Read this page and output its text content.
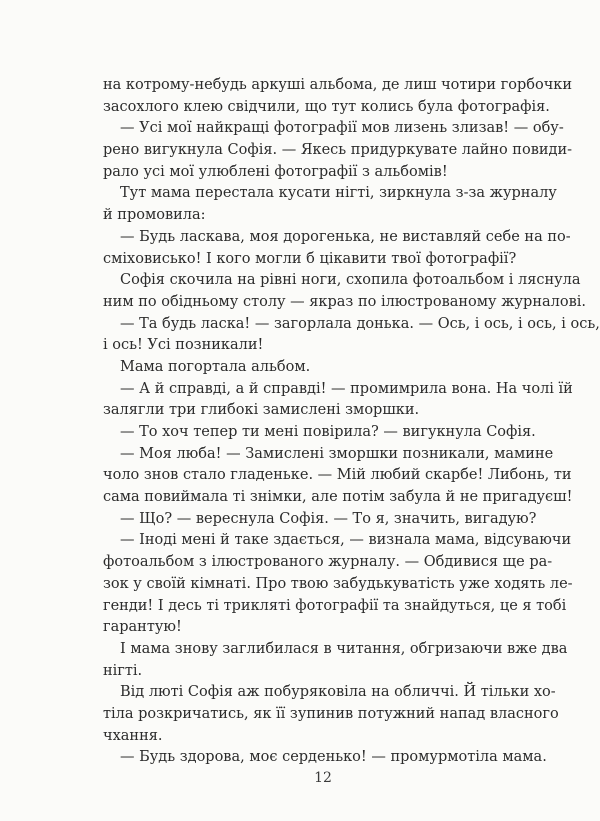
на котрому-небудь аркуші альбома, де лиш чотири горбочки
засохлого клею свідчили, що тут колись була фотографія.
— Усі мої найкращі фотографії мов лизень злизав! — обу-
рено вигукнула Софія. — Якесь придуркувате лайно повиди-
рало усі мої улюблені фотографії з альбомів!
Тут мама перестала кусати нігті, зиркнула з-за журналу
й промовила:
— Будь ласкава, моя дорогенька, не виставляй себе на по-
сміховисько! І кого могли б цікавити твої фотографії?
Софія скочила на рівні ноги, схопила фотоальбом і ляснула
ним по обідньому столу — якраз по ілюстрованому журналові.
— Та будь ласка! — загорлала донька. — Ось, і ось, і ось, і ось,
і ось! Усі позникали!
Мама погортала альбом.
— А й справді, а й справді! — промимрила вона. На чолі їй
залягли три глибокі замислені зморшки.
— То хоч тепер ти мені повірила? — вигукнула Софія.
— Моя люба! — Замислені зморшки позникали, мамине
чоло знов стало гладеньке. — Мій любий скарбе! Либонь, ти
сама повиймала ті знімки, але потім забула й не пригадуєш!
— Що? — вереснула Софія. — То я, значить, вигадую?
— Іноді мені й таке здається, — визнала мама, відсуваючи
фотоальбом з ілюстрованого журналу. — Обдивися ще ра-
зок у своїй кімнаті. Про твою забудькуватість уже ходять ле-
генди! І десь ті триклятi фотографії та знайдуться, це я тобі
гарантую!
І мама знову заглибилася в читання, обгризаючи вже два
нігті.
Від люті Софія аж побуряковіла на обличчі. Й тільки хо-
тіла розкричатись, як її зупинив потужний напад власного
чхання.
— Будь здорова, моє серденько! — промурмотіла мама.
12
